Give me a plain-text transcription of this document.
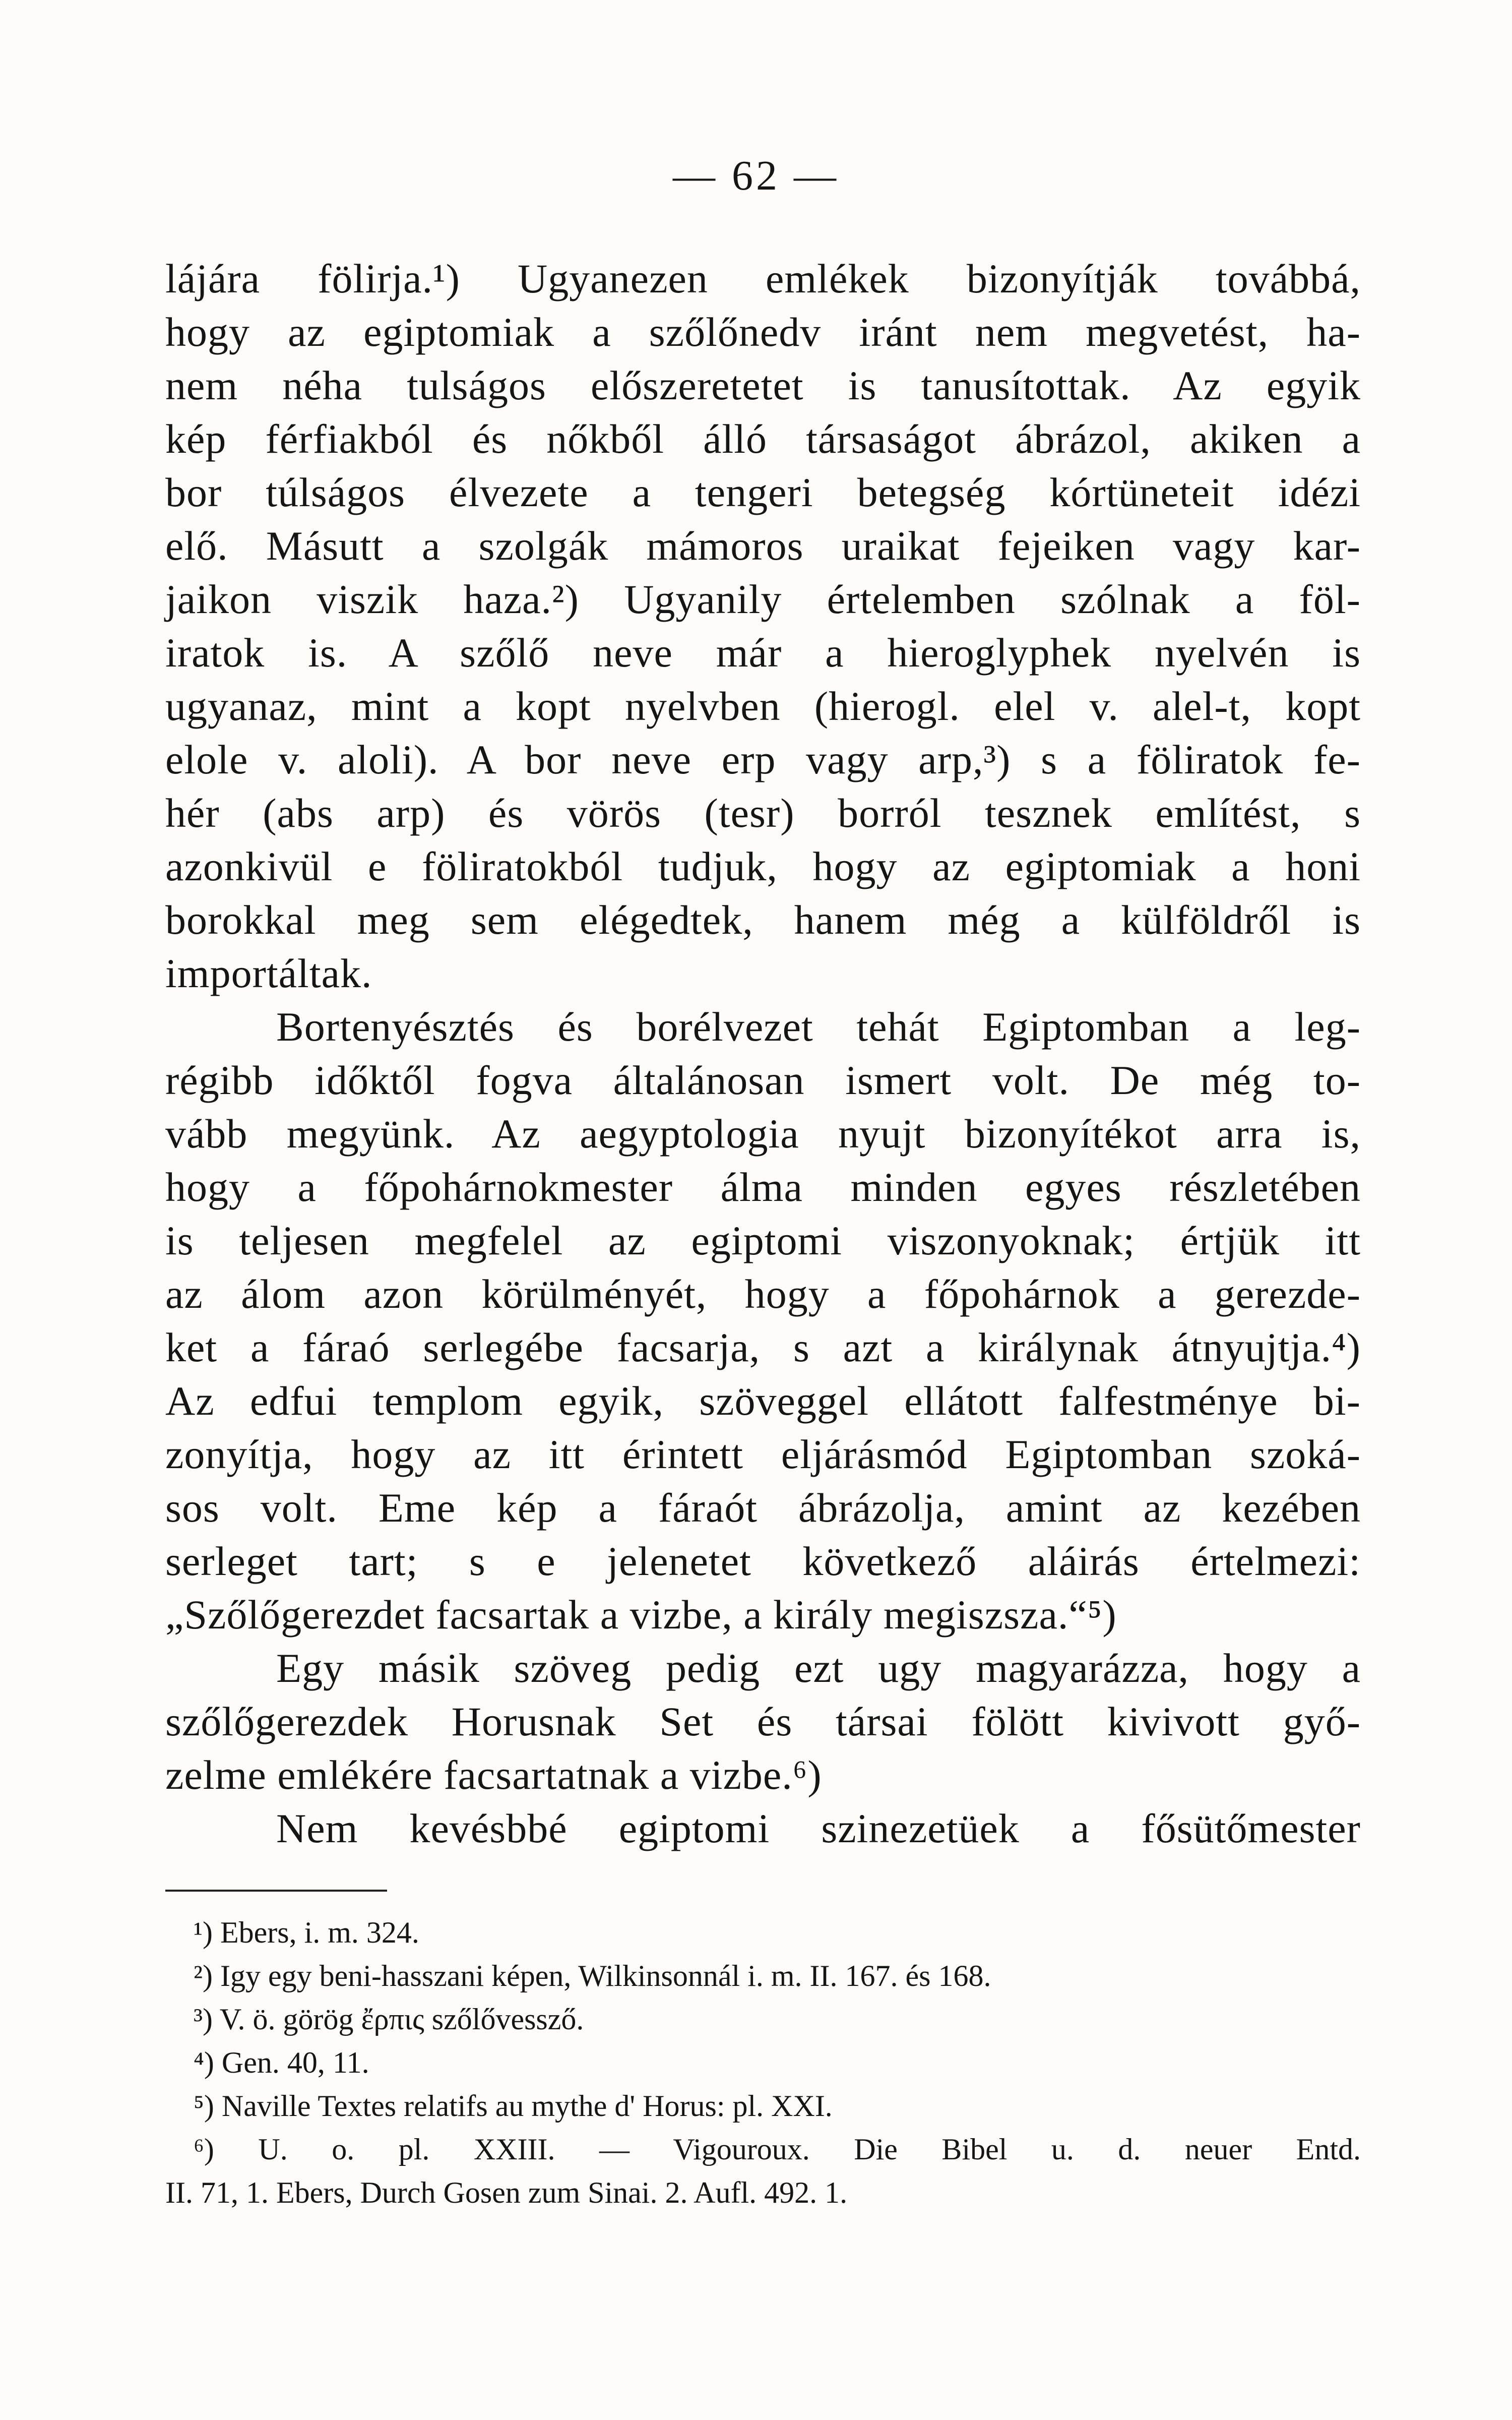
— 62 —
lájára fölirja.¹) Ugyanezen emlékek bizonyítják továbbá,
hogy az egiptomiak a szőlőnedv iránt nem megvetést, ha-
nem néha tulságos előszeretetet is tanusítottak. Az egyik
kép férfiakból és nőkből álló társaságot ábrázol, akiken a
bor túlságos élvezete a tengeri betegség kórtüneteit idézi
elő. Másutt a szolgák mámoros uraikat fejeiken vagy kar-
jaikon viszik haza.²) Ugyanily értelemben szólnak a föl-
iratok is. A szőlő neve már a hieroglyphek nyelvén is
ugyanaz, mint a kopt nyelvben (hierogl. elel v. alel-t, kopt
elole v. aloli). A bor neve erp vagy arp,³) s a föliratok fe-
hér (abs arp) és vörös (tesr) borról tesznek említést, s
azonkivül e föliratokból tudjuk, hogy az egiptomiak a honi
borokkal meg sem elégedtek, hanem még a külföldről is
importáltak.
Bortenyésztés és borélvezet tehát Egiptomban a leg-
régibb időktől fogva általánosan ismert volt. De még to-
vább megyünk. Az aegyptologia nyujt bizonyítékot arra is,
hogy a főpohárnokmester álma minden egyes részletében
is teljesen megfelel az egiptomi viszonyoknak; értjük itt
az álom azon körülményét, hogy a főpohárnok a gerezde-
ket a fáraó serlegébe facsarja, s azt a királynak átnyujtja.⁴)
Az edfui templom egyik, szöveggel ellátott falfestménye bi-
zonyítja, hogy az itt érintett eljárásmód Egiptomban szoká-
sos volt. Eme kép a fáraót ábrázolja, amint az kezében
serleget tart; s e jelenetet következő aláirás értelmezi:
„Szőlőgerezdet facsartak a vizbe, a király megiszsza.“⁵)
Egy másik szöveg pedig ezt ugy magyarázza, hogy a
szőlőgerezdek Horusnak Set és társai fölött kivivott győ-
zelme emlékére facsartatnak a vizbe.⁶)
Nem kevésbbé egiptomi szinezetüek a fősütőmester
¹) Ebers, i. m. 324.
²) Igy egy beni-hasszani képen, Wilkinsonnál i. m. II. 167. és 168.
³) V. ö. görög ἔρπις szőlővessző.
⁴) Gen. 40, 11.
⁵) Naville Textes relatifs au mythe d' Horus: pl. XXI.
⁶) U. o. pl. XXIII. — Vigouroux. Die Bibel u. d. neuer Entd.
II. 71, 1. Ebers, Durch Gosen zum Sinai. 2. Aufl. 492. 1.
